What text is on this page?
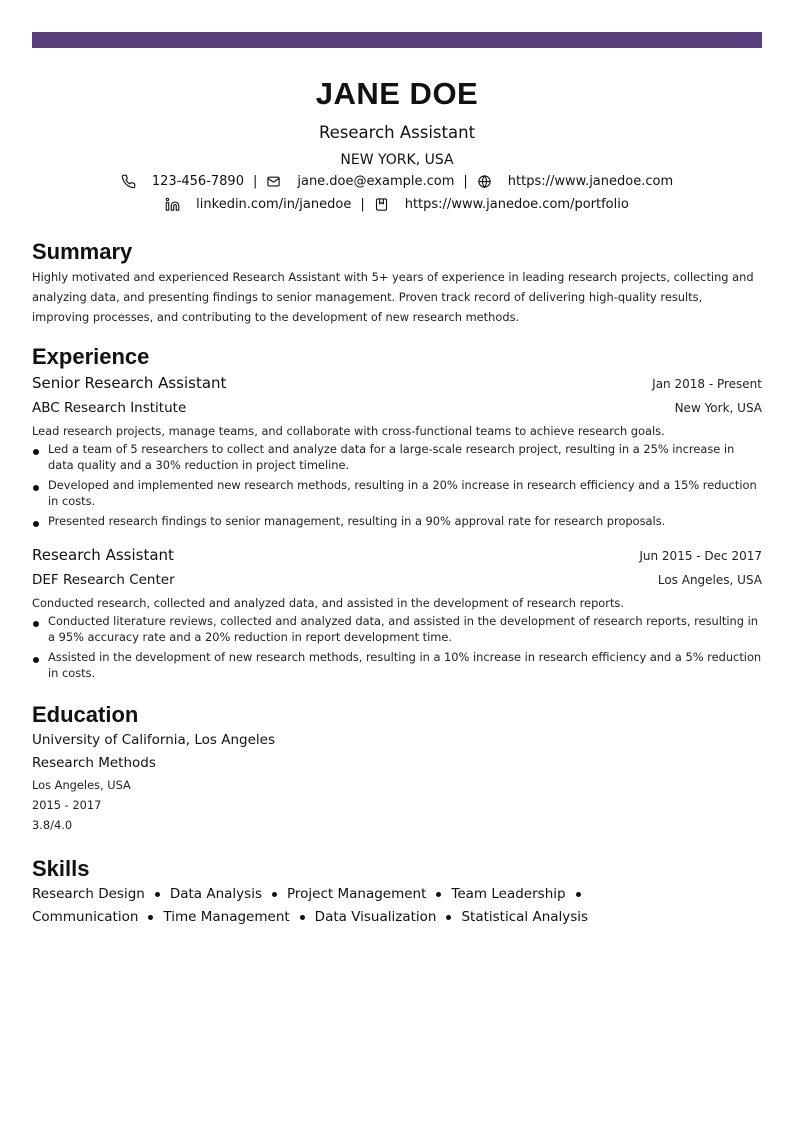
JANE DOE
Research Assistant
NEW YORK, USA
123-456-7890 |	jane.doe@example.com |	https://www.janedoe.com
linkedin.com/in/janedoe |	https://www.janedoe.com/portfolio
Summary
Highly motivated and experienced Research Assistant with 5+ years of experience in leading research projects, collecting and analyzing data, and presenting findings to senior management. Proven track record of delivering high-quality results, improving processes, and contributing to the development of new research methods.
Experience
Senior Research Assistant	Jan 2018 - Present
ABC Research Institute	New York, USA
Lead research projects, manage teams, and collaborate with cross-functional teams to achieve research goals.
Led a team of 5 researchers to collect and analyze data for a large-scale research project, resulting in a 25% increase in data quality and a 30% reduction in project timeline.
Developed and implemented new research methods, resulting in a 20% increase in research efficiency and a 15% reduction in costs.
Presented research findings to senior management, resulting in a 90% approval rate for research proposals.
Research Assistant	Jun 2015 - Dec 2017
DEF Research Center	Los Angeles, USA
Conducted research, collected and analyzed data, and assisted in the development of research reports.
Conducted literature reviews, collected and analyzed data, and assisted in the development of research reports, resulting in a 95% accuracy rate and a 20% reduction in report development time.
Assisted in the development of new research methods, resulting in a 10% increase in research efficiency and a 5% reduction in costs.
Education
University of California, Los Angeles
Research Methods
Los Angeles, USA
2015 - 2017
3.8/4.0
Skills
Research Design Data Analysis Project Management Team Leadership
Communication Time Management Data Visualization Statistical Analysis
